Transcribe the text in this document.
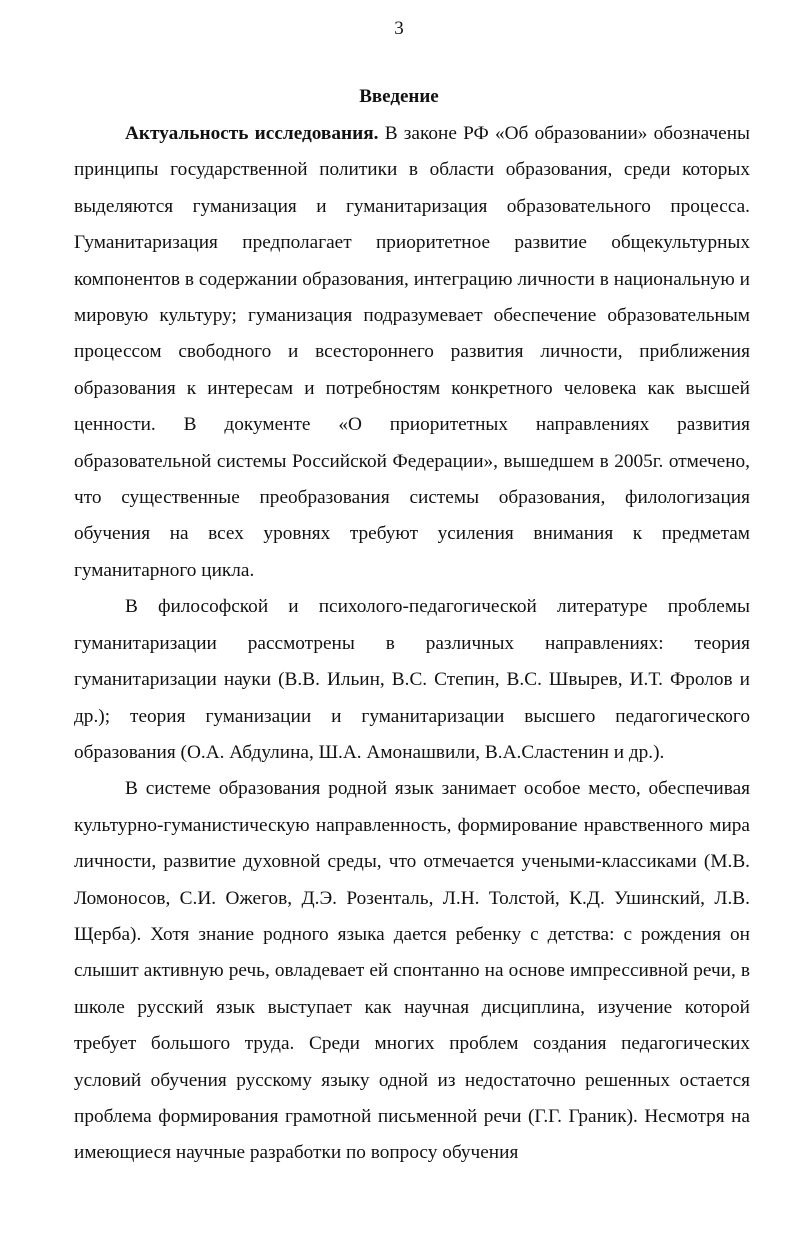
3
Введение

Актуальность исследования. В законе РФ «Об образовании» обозначены принципы государственной политики в области образования, среди которых выделяются гуманизация и гуманитаризация образовательного процесса. Гуманитаризация предполагает приоритетное развитие общекультурных компонентов в содержании образования, интеграцию личности в национальную и мировую культуру; гуманизация подразумевает обеспечение образовательным процессом свободного и всестороннего развития личности, приближения образования к интересам и потребностям конкретного человека как высшей ценности. В документе «О приоритетных направлениях развития образовательной системы Российской Федерации», вышедшем в 2005г. отмечено, что существенные преобразования системы образования, филологизация обучения на всех уровнях требуют усиления внимания к предметам гуманитарного цикла.

В философской и психолого-педагогической литературе проблемы гуманитаризации рассмотрены в различных направлениях: теория гуманитаризации науки (В.В. Ильин, В.С. Степин, В.С. Швырев, И.Т. Фролов и др.); теория гуманизации и гуманитаризации высшего педагогического образования (О.А. Абдулина, Ш.А. Амонашвили, В.А.Сластенин и др.).

В системе образования родной язык занимает особое место, обеспечивая культурно-гуманистическую направленность, формирование нравственного мира личности, развитие духовной среды, что отмечается учеными-классиками (М.В. Ломоносов, С.И. Ожегов, Д.Э. Розенталь, Л.Н. Толстой, К.Д. Ушинский, Л.В. Щерба). Хотя знание родного языка дается ребенку с детства: с рождения он слышит активную речь, овладевает ей спонтанно на основе импрессивной речи, в школе русский язык выступает как научная дисциплина, изучение которой требует большого труда. Среди многих проблем создания педагогических условий обучения русскому языку одной из недостаточно решенных остается проблема формирования грамотной письменной речи (Г.Г. Граник). Несмотря на имеющиеся научные разработки по вопросу обучения
